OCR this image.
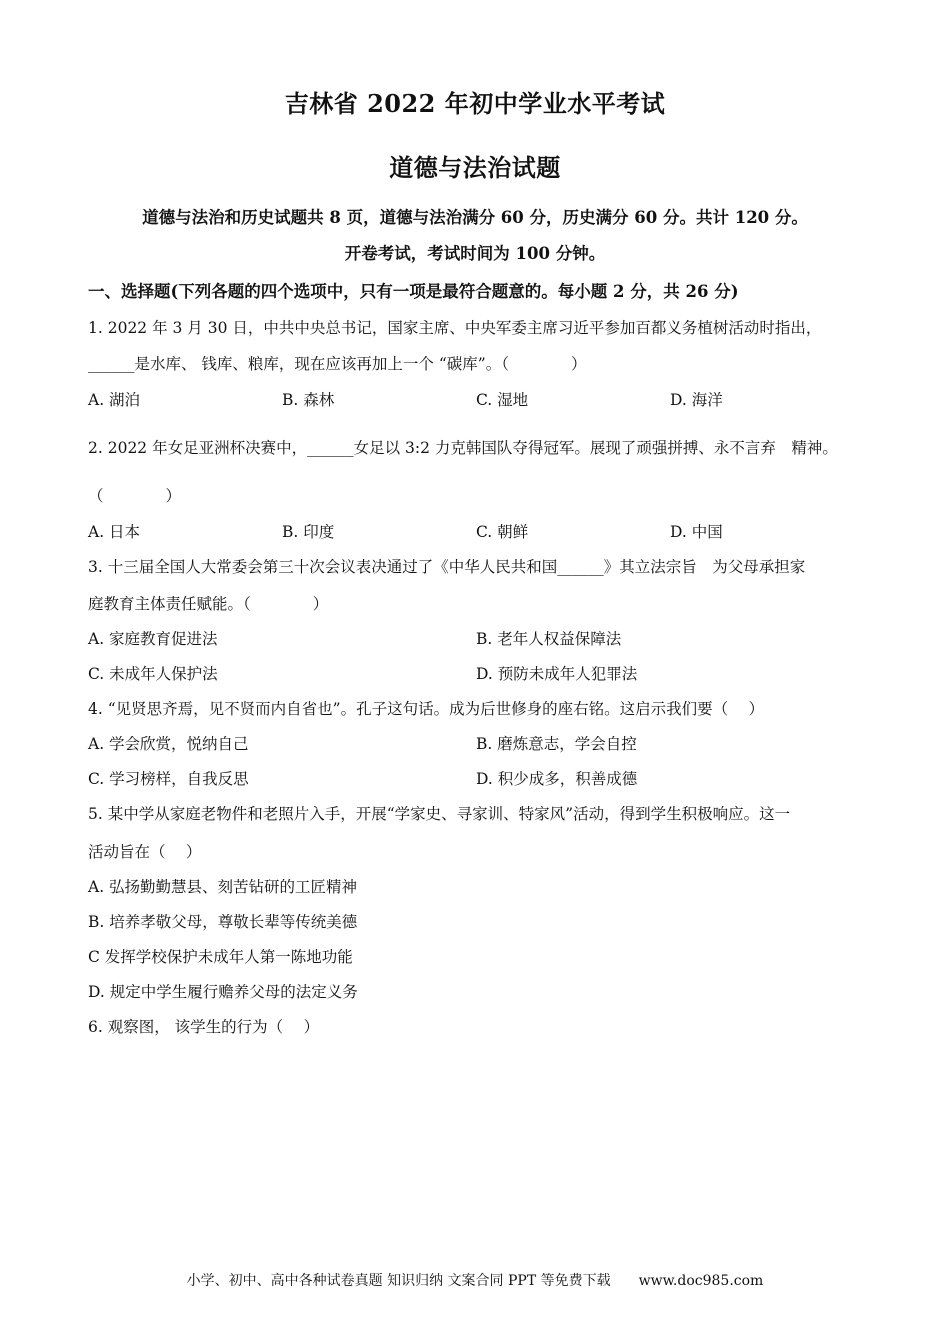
吉林省 2022 年初中学业水平考试
道德与法治试题
道德与法治和历史试题共 8 页，道德与法治满分 60 分，历史满分 60 分。共计 120 分。
开卷考试，考试时间为 100 分钟。
一、选择题(下列各题的四个选项中，只有一项是最符合题意的。每小题 2 分，共 26 分)
1. 2022 年 3 月 30 日，中共中央总书记，国家主席、中央军委主席习近平参加百都义务植树活动时指出，
______是水库、 钱库、粮库，现在应该再加上一个 “碳库”。（　　　　）
A. 湖泊	B. 森林	C. 湿地	D. 海洋
2. 2022 年女足亚洲杯决赛中，______女足以 3:2 力克韩国队夺得冠军。展现了顽强拼搏、永不言弃　精神。
（　　　　）
A. 日本	B. 印度	C. 朝鲜	D. 中国
3. 十三届全国人大常委会第三十次会议表决通过了《中华人民共和国______》其立法宗旨　为父母承担家
庭教育主体责任赋能。（　　　　）
A. 家庭教育促进法	B. 老年人权益保障法
C. 未成年人保护法	D. 预防未成年人犯罪法
4. “见贤思齐焉，见不贤而内自省也”。孔子这句话。成为后世修身的座右铭。这启示我们要（　 ）
A. 学会欣赏，悦纳自己	B. 磨炼意志，学会自控
C. 学习榜样，自我反思	D. 积少成多，积善成德
5. 某中学从家庭老物件和老照片入手，开展“学家史、寻家训、特家风”活动，得到学生积极响应。这一
活动旨在（　 ）
A. 弘扬勤勤慧县、刻苦钻研的工匠精神
B. 培养孝敬父母，尊敬长辈等传统美德
C 发挥学校保护未成年人第一陈地功能
D. 规定中学生履行赡养父母的法定义务
6. 观察图， 该学生的行为（　 ）
小学、初中、高中各种试卷真题 知识归纳 文案合同 PPT 等免费下载　　www.doc985.com
